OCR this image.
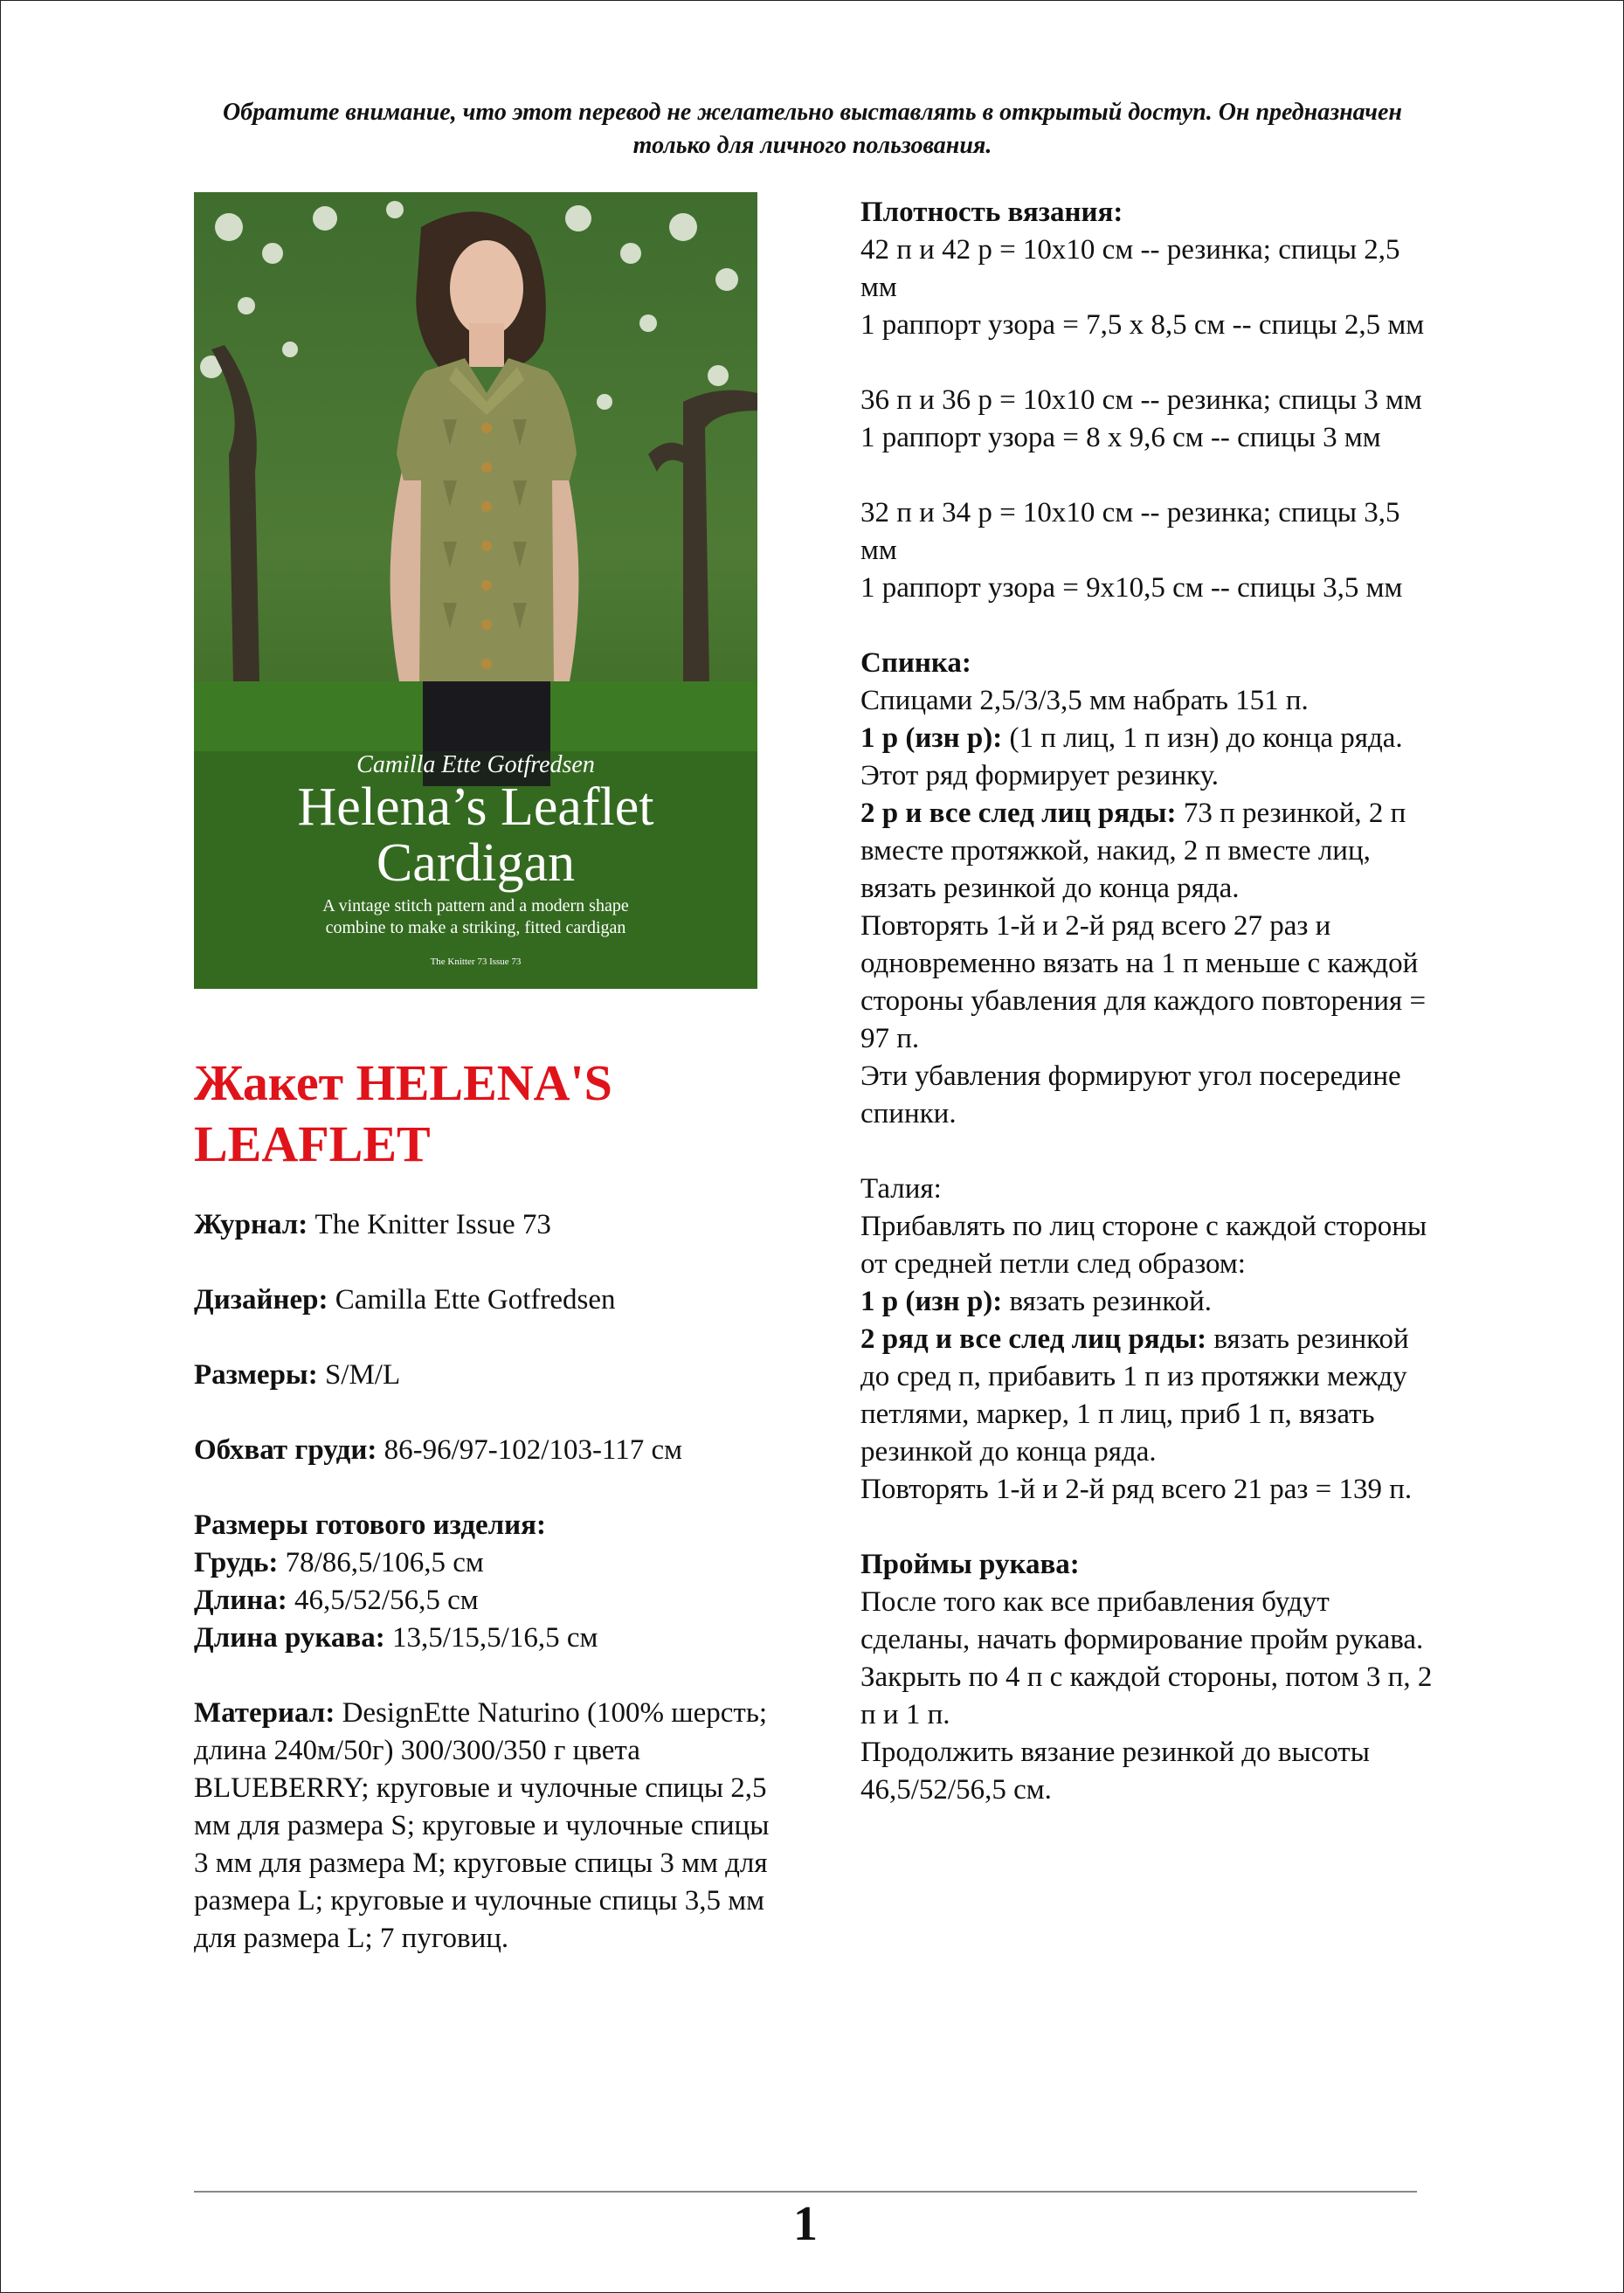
Обратите внимание, что этот перевод не желательно выставлять в открытый доступ. Он предназначен только для личного пользования.
Camilla Ette Gotfredsen
Helena’s Leaflet
Cardigan
A vintage stitch pattern and a modern shape
combine to make a striking, fitted cardigan
The Knitter 73 Issue 73
Жакет HELENA'S LEAFLET

Журнал: The Knitter Issue 73

Дизайнер: Camilla Ette Gotfredsen

Размеры: S/M/L

Обхват груди: 86-96/97-102/103-117 см

Размеры готового изделия:

Грудь: 78/86,5/106,5 см

Длина: 46,5/52/56,5 см

Длина рукава: 13,5/15,5/16,5 см

Материал: DesignEtte Naturino (100% шерсть; длина 240м/50г) 300/300/350 г цвета BLUEBERRY; круговые и чулочные спицы 2,5 мм для размера S; круговые и чулочные спицы 3 мм для размера M; круговые спицы 3 мм для размера L; круговые и чулочные спицы 3,5 мм для размера L; 7 пуговиц.

Плотность вязания:

42 п и 42 р = 10х10 см -- резинка; спицы 2,5 мм

1 раппорт узора = 7,5 х 8,5 см -- спицы 2,5 мм

36 п и 36 р = 10х10 см -- резинка; спицы 3 мм

1 раппорт узора = 8 х 9,6 см -- спицы 3 мм

32 п и 34 р = 10х10 см -- резинка; спицы 3,5 мм

1 раппорт узора = 9х10,5 см -- спицы 3,5 мм

Спинка:

Спицами 2,5/3/3,5 мм набрать 151 п.

1 р (изн р): (1 п лиц, 1 п изн) до конца ряда.

Этот ряд формирует резинку.

2 р и все след лиц ряды: 73 п резинкой, 2 п вместе протяжкой, накид, 2 п вместе лиц, вязать резинкой до конца ряда.

Повторять 1-й и 2-й ряд всего 27 раз и одновременно вязать на 1 п меньше с каждой стороны убавления для каждого повторения = 97 п.

Эти убавления формируют угол посередине спинки.

Талия:

Прибавлять по лиц стороне с каждой стороны от средней петли след образом:

1 р (изн р): вязать резинкой.

2 ряд и все след лиц ряды: вязать резинкой до сред п, прибавить 1 п из протяжки между петлями, маркер, 1 п лиц, приб 1 п, вязать резинкой до конца ряда.

Повторять 1-й и 2-й ряд всего 21 раз = 139 п.

Проймы рукава:

После того как все прибавления будут сделаны, начать формирование пройм рукава.

Закрыть по 4 п с каждой стороны, потом 3 п, 2 п и 1 п.

Продолжить вязание резинкой до высоты 46,5/52/56,5 см.

1
